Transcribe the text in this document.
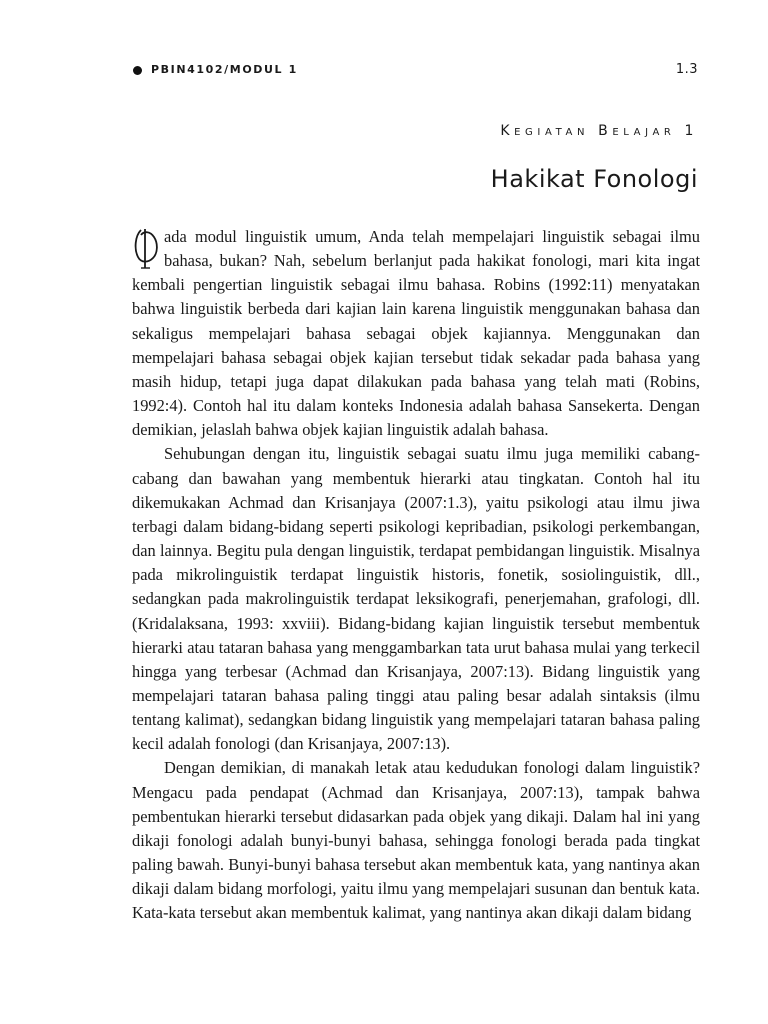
PBIN4102/MODUL 1	1.3
Kegiatan Belajar 1
Hakikat Fonologi

ada modul linguistik umum, Anda telah mempelajari linguistik sebagai ilmu bahasa, bukan? Nah, sebelum berlanjut pada hakikat fonologi, mari kita ingat kembali pengertian linguistik sebagai ilmu bahasa. Robins (1992:11) menyatakan bahwa linguistik berbeda dari kajian lain karena linguistik menggunakan bahasa dan sekaligus mempelajari bahasa sebagai objek kajiannya. Menggunakan dan mempelajari bahasa sebagai objek kajian tersebut tidak sekadar pada bahasa yang masih hidup, tetapi juga dapat dilakukan pada bahasa yang telah mati (Robins, 1992:4). Contoh hal itu dalam konteks Indonesia adalah bahasa Sansekerta. Dengan demikian, jelaslah bahwa objek kajian linguistik adalah bahasa.

Sehubungan dengan itu, linguistik sebagai suatu ilmu juga memiliki cabang-cabang dan bawahan yang membentuk hierarki atau tingkatan. Contoh hal itu dikemukakan Achmad dan Krisanjaya (2007:1.3), yaitu psikologi atau ilmu jiwa terbagi dalam bidang-bidang seperti psikologi kepribadian, psikologi perkembangan, dan lainnya. Begitu pula dengan linguistik, terdapat pembidangan linguistik. Misalnya pada mikrolinguistik terdapat linguistik historis, fonetik, sosiolinguistik, dll., sedangkan pada makrolinguistik terdapat leksikografi, penerjemahan, grafologi, dll. (Kridalaksana, 1993: xxviii). Bidang-bidang kajian linguistik tersebut membentuk hierarki atau tataran bahasa yang menggambarkan tata urut bahasa mulai yang terkecil hingga yang terbesar (Achmad dan Krisanjaya, 2007:13). Bidang linguistik yang mempelajari tataran bahasa paling tinggi atau paling besar adalah sintaksis (ilmu tentang kalimat), sedangkan bidang linguistik yang mempelajari tataran bahasa paling kecil adalah fonologi (dan Krisanjaya, 2007:13).

Dengan demikian, di manakah letak atau kedudukan fonologi dalam linguistik? Mengacu pada pendapat (Achmad dan Krisanjaya, 2007:13), tampak bahwa pembentukan hierarki tersebut didasarkan pada objek yang dikaji. Dalam hal ini yang dikaji fonologi adalah bunyi-bunyi bahasa, sehingga fonologi berada pada tingkat paling bawah. Bunyi-bunyi bahasa tersebut akan membentuk kata, yang nantinya akan dikaji dalam bidang morfologi, yaitu ilmu yang mempelajari susunan dan bentuk kata. Kata-kata tersebut akan membentuk kalimat, yang nantinya akan dikaji dalam bidang
